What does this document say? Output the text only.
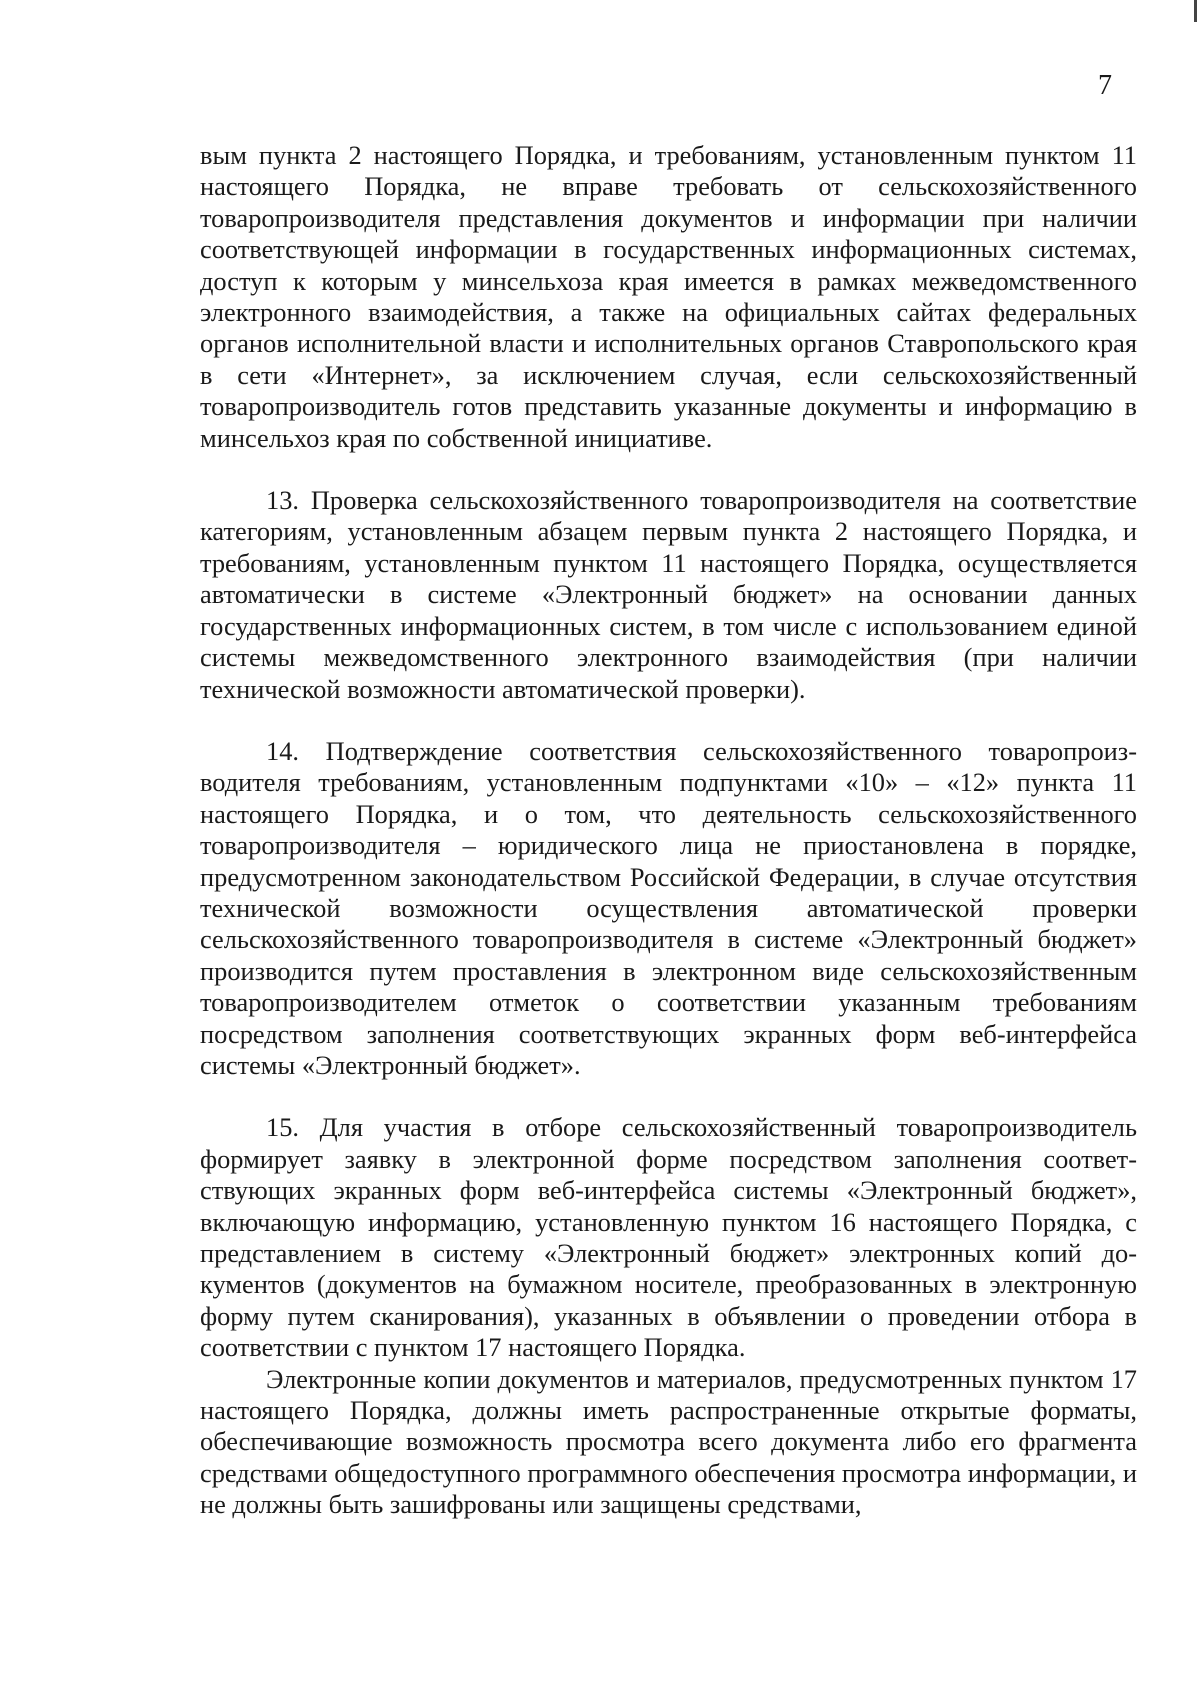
7

вым пункта 2 настоящего Порядка, и требованиям, установленным пунктом 11 настоящего Порядка, не вправе требовать от сельскохозяйственного товаропроизводителя представления документов и информации при наличии соответствующей информации в государственных информационных системах, доступ к которым у минсельхоза края имеется в рамках межведомственного электронного взаимодействия, а также на официальных сайтах федеральных органов исполнительной власти и исполнительных органов Ставропольского края в сети «Интернет», за исключением случая, если сельскохозяйственный товаропроизводитель готов представить указанные документы и информацию в минсельхоз края по собственной инициативе.

13. Проверка сельскохозяйственного товаропроизводителя на соответствие категориям, установленным абзацем первым пункта 2 настоящего Порядка, и требованиям, установленным пунктом 11 настоящего Порядка, осуществляется автоматически в системе «Электронный бюджет» на основании данных государственных информационных систем, в том числе с использованием единой системы межведомственного электронного взаимодействия (при наличии технической возможности автоматической проверки).

14. Подтверждение соответствия сельскохозяйственного товаропроизводителя требованиям, установленным подпунктами «10» – «12» пункта 11 настоящего Порядка, и о том, что деятельность сельскохозяйственного товаропроизводителя – юридического лица не приостановлена в порядке, предусмотренном законодательством Российской Федерации, в случае отсутствия технической возможности осуществления автоматической проверки сельскохозяйственного товаропроизводителя в системе «Электронный бюджет» производится путем проставления в электронном виде сельскохозяйственным товаропроизводителем отметок о соответствии указанным требованиям посредством заполнения соответствующих экранных форм веб-интерфейса системы «Электронный бюджет».

15. Для участия в отборе сельскохозяйственный товаропроизводитель формирует заявку в электронной форме посредством заполнения соответствующих экранных форм веб-интерфейса системы «Электронный бюджет», включающую информацию, установленную пунктом 16 настоящего Порядка, с представлением в систему «Электронный бюджет» электронных копий документов (документов на бумажном носителе, преобразованных в электронную форму путем сканирования), указанных в объявлении о проведении отбора в соответствии с пунктом 17 настоящего Порядка.

Электронные копии документов и материалов, предусмотренных пунктом 17 настоящего Порядка, должны иметь распространенные открытые форматы, обеспечивающие возможность просмотра всего документа либо его фрагмента средствами общедоступного программного обеспечения просмотра информации, и не должны быть зашифрованы или защищены средствами,
